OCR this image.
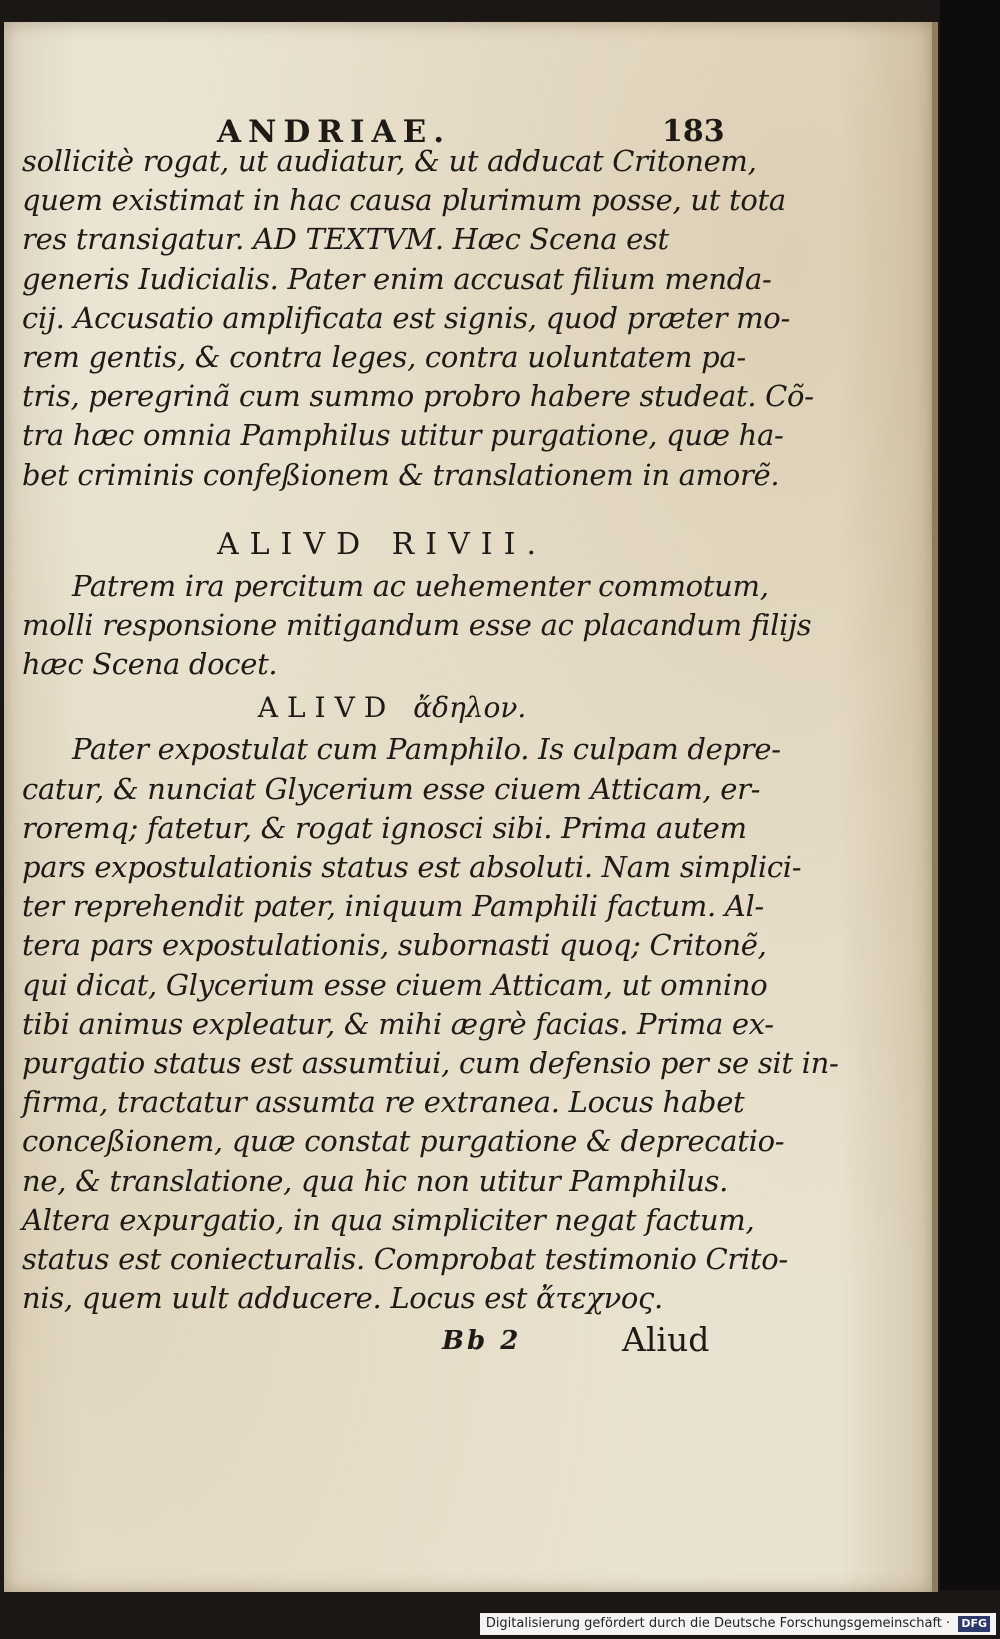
ANDRIAE.	183

sollicitè rogat, ut audiatur, & ut adducat Critonem,
quem existimat in hac causa plurimum posse, ut tota
res transigatur. AD TEXTVM. Hæc Scena est
generis Iudicialis. Pater enim accusat filium menda-
cij. Accusatio amplificata est signis, quod præter mo-
rem gentis, & contra leges, contra uoluntatem pa-
tris, peregrinã cum summo probro habere studeat. Cõ-
tra hæc omnia Pamphilus utitur purgatione, quæ ha-
bet criminis confeßionem & translationem in amorẽ.

ALIVD RIVII.

Patrem ira percitum ac uehementer commotum,
molli responsione mitigandum esse ac placandum filijs
hæc Scena docet.

ALIVD ἄδηλον.

Pater expostulat cum Pamphilo. Is culpam depre-
catur, & nunciat Glycerium esse ciuem Atticam, er-
roremq; fatetur, & rogat ignosci sibi. Prima autem
pars expostulationis status est absoluti. Nam simplici-
ter reprehendit pater, iniquum Pamphili factum. Al-
tera pars expostulationis, subornasti quoq; Critonẽ,
qui dicat, Glycerium esse ciuem Atticam, ut omnino
tibi animus expleatur, & mihi ægrè facias. Prima ex-
purgatio status est assumtiui, cum defensio per se sit in-
firma, tractatur assumta re extranea. Locus habet
conceßionem, quæ constat purgatione & deprecatio-
ne, & translatione, qua hic non utitur Pamphilus.
Altera expurgatio, in qua simpliciter negat factum,
status est coniecturalis. Comprobat testimonio Crito-
nis, quem uult adducere. Locus est ἄτεχνος.

Bb 2	Aliud
Digitalisierung gefördert durch die Deutsche Forschungsgemeinschaft · DFG
